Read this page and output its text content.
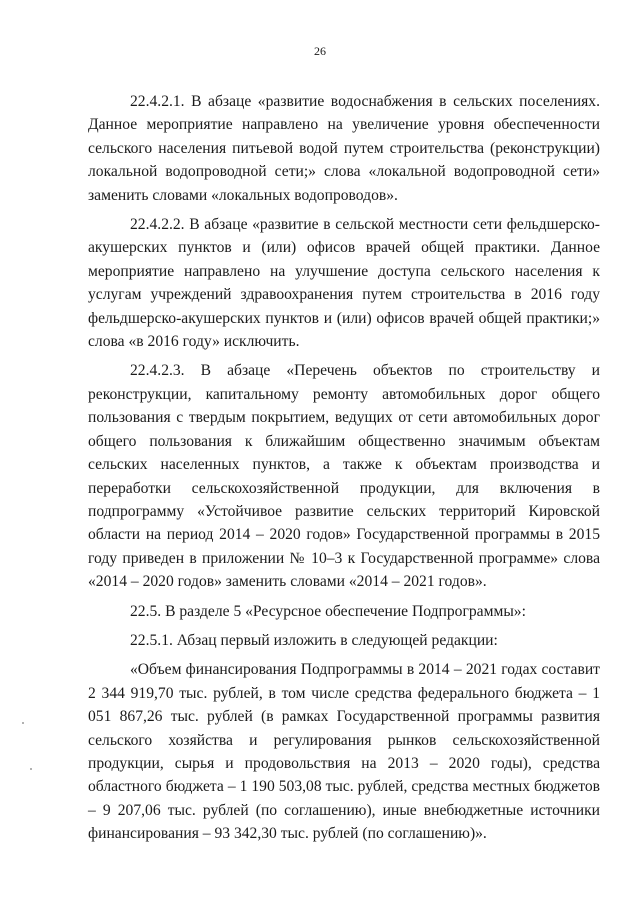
26

22.4.2.1. В абзаце «развитие водоснабжения в сельских поселениях. Данное мероприятие направлено на увеличение уровня обеспеченности сельского населения питьевой водой путем строительства (реконструкции) локальной водопроводной сети;» слова «локальной водопроводной сети» заменить словами «локальных водопроводов».

22.4.2.2. В абзаце «развитие в сельской местности сети фельдшерско-акушерских пунктов и (или) офисов врачей общей практики. Данное мероприятие направлено на улучшение доступа сельского населения к услугам учреждений здравоохранения путем строительства в 2016 году фельдшерско-акушерских пунктов и (или) офисов врачей общей практики;» слова «в 2016 году» исключить.

22.4.2.3. В абзаце «Перечень объектов по строительству и реконструкции, капитальному ремонту автомобильных дорог общего пользования с твердым покрытием, ведущих от сети автомобильных дорог общего пользования к ближайшим общественно значимым объектам сельских населенных пунктов, а также к объектам производства и переработки сельскохозяйственной продукции, для включения в подпрограмму «Устойчивое развитие сельских территорий Кировской области на период 2014 – 2020 годов» Государственной программы в 2015 году приведен в приложении № 10–3 к Государственной программе» слова «2014 – 2020 годов» заменить словами «2014 – 2021 годов».

22.5. В разделе 5 «Ресурсное обеспечение Подпрограммы»:

22.5.1. Абзац первый изложить в следующей редакции:

«Объем финансирования Подпрограммы в 2014 – 2021 годах составит 2 344 919,70 тыс. рублей, в том числе средства федерального бюджета – 1 051 867,26 тыс. рублей (в рамках Государственной программы развития сельского хозяйства и регулирования рынков сельскохозяйственной продукции, сырья и продовольствия на 2013 – 2020 годы), средства областного бюджета – 1 190 503,08 тыс. рублей, средства местных бюджетов – 9 207,06 тыс. рублей (по соглашению), иные внебюджетные источники финансирования – 93 342,30 тыс. рублей (по соглашению)».
